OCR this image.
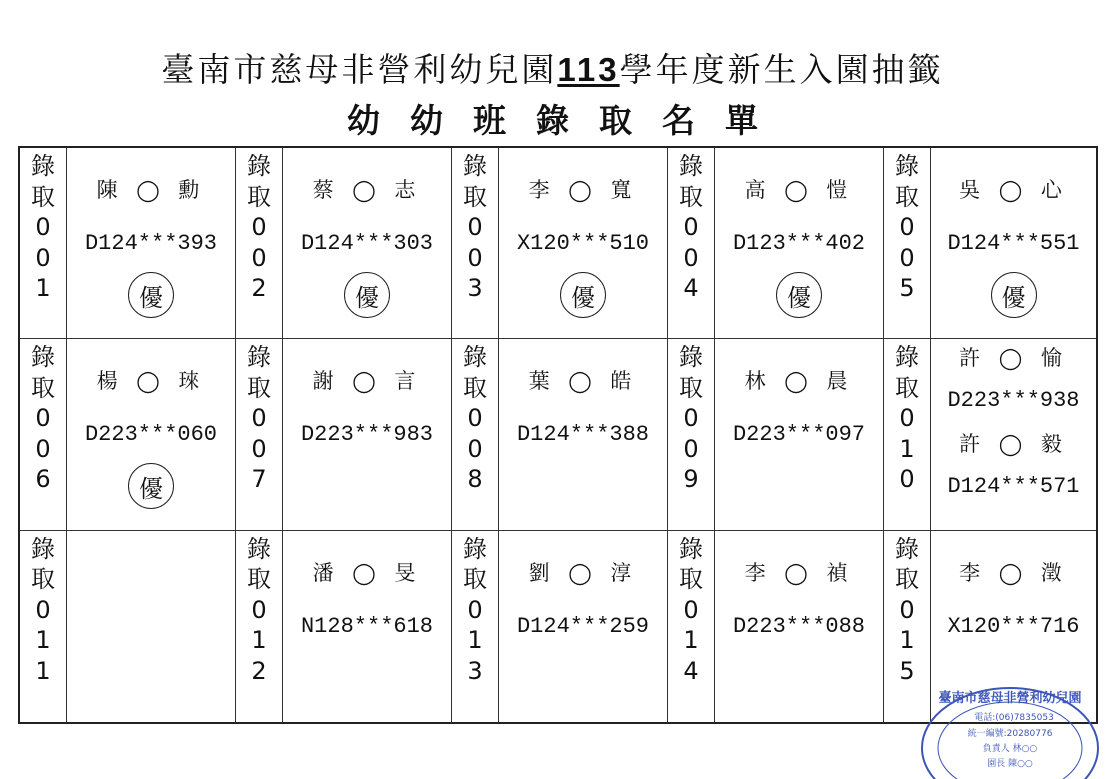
臺南市慈母非營利幼兒園113學年度新生入園抽籤
幼幼班錄取名單
錄
取
0
0
1
陳 ◯ 勳
D124***393
優
錄
取
0
0
2
蔡 ◯ 志
D124***303
優
錄
取
0
0
3
李 ◯ 寬
X120***510
優
錄
取
0
0
4
高 ◯ 愷
D123***402
優
錄
取
0
0
5
吳 ◯ 心
D124***551
優
錄
取
0
0
6
楊 ◯ 琜
D223***060
優
錄
取
0
0
7
謝 ◯ 言
D223***983
錄
取
0
0
8
葉 ◯ 皓
D124***388
錄
取
0
0
9
林 ◯ 晨
D223***097
錄
取
0
1
0
許 ◯ 愉
D223***938
許 ◯ 毅
D124***571
錄
取
0
1
1
錄
取
0
1
2
潘 ◯ 旻
N128***618
錄
取
0
1
3
劉 ◯ 淳
D124***259
錄
取
0
1
4
李 ◯ 禎
D223***088
錄
取
0
1
5
李 ◯ 澂
X120***716
臺南市慈母非營利幼兒園
電話:(06)7835053
統一編號:20280776
負責人 林○○
園長 陳○○
